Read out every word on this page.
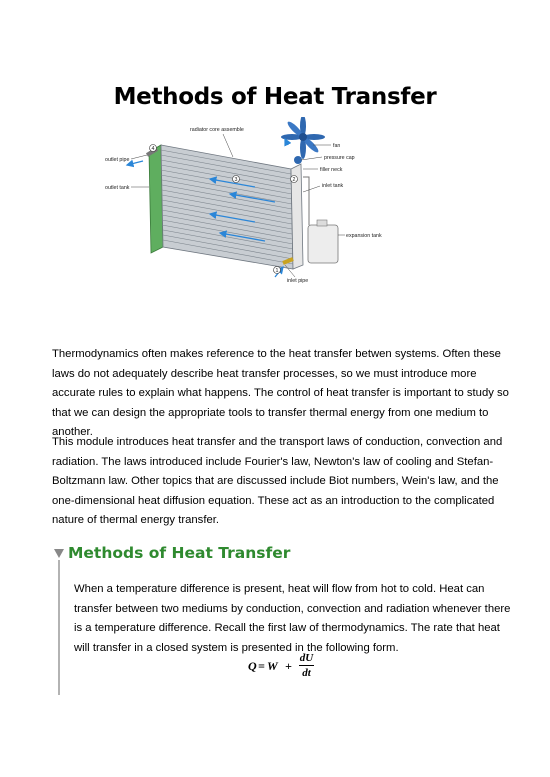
Methods of Heat Transfer
4
3	2
1
radiator core assemble
fan
pressure cap
filler neck
inlet tank
expansion tank
inlet pipe
outlet pipe
outlet tank
Thermodynamics often makes reference to the heat transfer betwen systems. Often these laws do not adequately describe heat transfer processes, so we must introduce more accurate rules to explain what happens. The control of heat transfer is important to study so that we can design the appropriate tools to transfer thermal energy from one medium to another.
This module introduces heat transfer and the transport laws of conduction, convection and radiation. The laws introduced include Fourier's law, Newton's law of cooling and Stefan-Boltzmann law. Other topics that are discussed include Biot numbers, Wein's law, and the one-dimensional heat diffusion equation. These act as an introduction to the complicated nature of thermal energy transfer.
Methods of Heat Transfer
When a temperature difference is present, heat will flow from hot to cold. Heat can transfer between two mediums by conduction, convection and radiation whenever there is a temperature difference. Recall the first law of thermodynamics. The rate that heat will transfer in a closed system is presented in the following form.
Q = W +
dU
dt
